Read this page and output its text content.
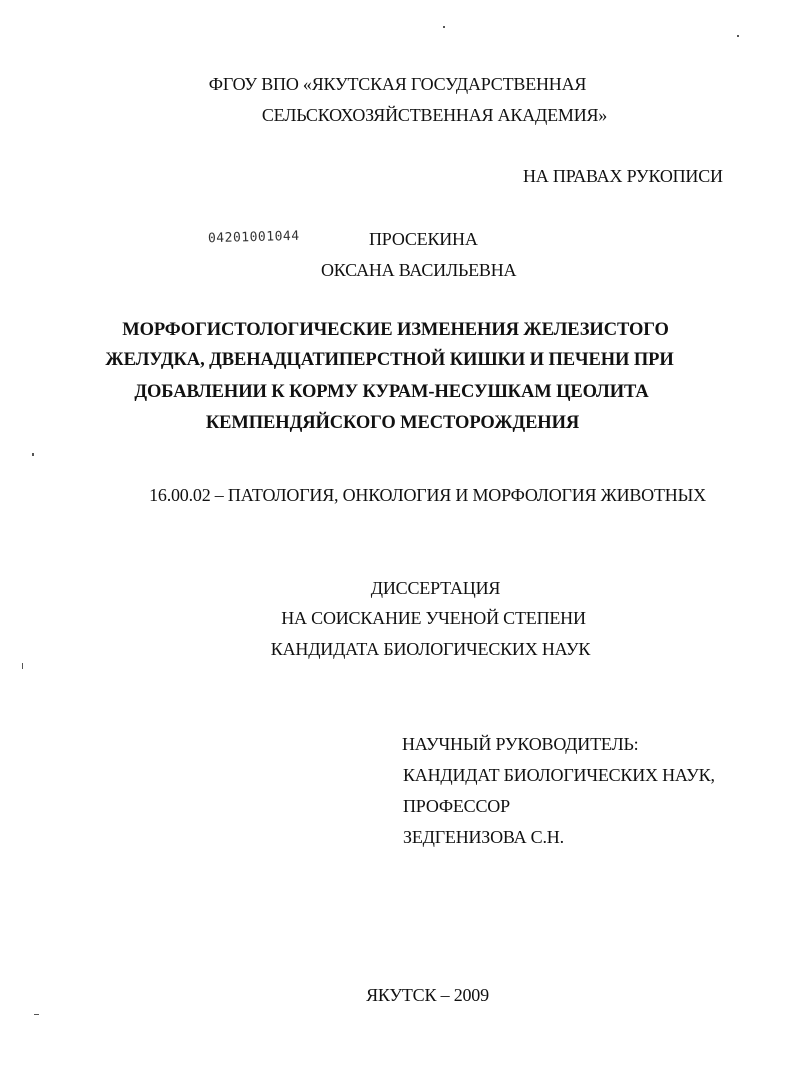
ФГОУ ВПО «ЯКУТСКАЯ ГОСУДАРСТВЕННАЯ
СЕЛЬСКОХОЗЯЙСТВЕННАЯ АКАДЕМИЯ»
НА ПРАВАХ РУКОПИСИ
04201001044	ПРОСЕКИНА
ОКСАНА ВАСИЛЬЕВНА
МОРФОГИСТОЛОГИЧЕСКИЕ ИЗМЕНЕНИЯ ЖЕЛЕЗИСТОГО
ЖЕЛУДКА, ДВЕНАДЦАТИПЕРСТНОЙ КИШКИ И ПЕЧЕНИ ПРИ
ДОБАВЛЕНИИ К КОРМУ КУРАМ-НЕСУШКАМ ЦЕОЛИТА
КЕМПЕНДЯЙСКОГО МЕСТОРОЖДЕНИЯ
16.00.02 – ПАТОЛОГИЯ, ОНКОЛОГИЯ И МОРФОЛОГИЯ ЖИВОТНЫХ
ДИССЕРТАЦИЯ
НА СОИСКАНИЕ УЧЕНОЙ СТЕПЕНИ
КАНДИДАТА БИОЛОГИЧЕСКИХ НАУК
НАУЧНЫЙ РУКОВОДИТЕЛЬ:
КАНДИДАТ БИОЛОГИЧЕСКИХ НАУК,
ПРОФЕССОР
ЗЕДГЕНИЗОВА С.Н.
ЯКУТСК – 2009
